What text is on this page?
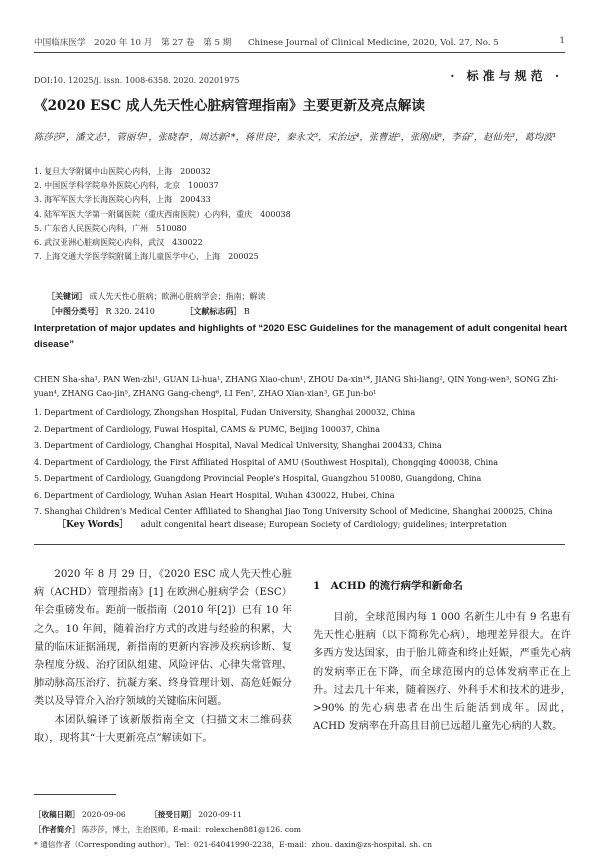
中国临床医学　2020 年 10 月　第 27 卷　第 5 期 Chinese Journal of Clinical Medicine, 2020, Vol. 27, No. 5	1
DOI:10. 12025/j. issn. 1008-6358. 2020. 20201975	· 标准与规范 ·
《2020 ESC 成人先天性心脏病管理指南》主要更新及亮点解读
陈莎莎¹，潘文志¹，管丽华¹，张晓春¹，周达新¹*，蒋世良²，秦永文³，宋治远⁴，张曹进⁵，张刚成⁶，李奋⁷，赵仙先³，葛均波¹
1. 复旦大学附属中山医院心内科，上海　200032
2. 中国医学科学院阜外医院心内科，北京　100037
3. 海军军医大学长海医院心内科，上海　200433
4. 陆军军医大学第一附属医院（重庆西南医院）心内科，重庆　400038
5. 广东省人民医院心内科，广州　510080
6. 武汉亚洲心脏病医院心内科，武汉　430022
7. 上海交通大学医学院附属上海儿童医学中心，上海　200025
［关键词］ 成人先天性心脏病；欧洲心脏病学会；指南；解读
［中图分类号］ R 320. 2410	［文献标志码］ B
Interpretation of major updates and highlights of “2020 ESC Guidelines for the management of adult congenital heart disease”
CHEN Sha-sha¹, PAN Wen-zhi¹, GUAN Li-hua¹, ZHANG Xiao-chun¹, ZHOU Da-xin¹*, JIANG Shi-liang², QIN Yong-wen³, SONG Zhi-yuan⁴, ZHANG Cao-jin⁵, ZHANG Gang-cheng⁶, LI Fen⁷, ZHAO Xian-xian³, GE Jun-bo¹
1. Department of Cardiology, Zhongshan Hospital, Fudan University, Shanghai 200032, China
2. Department of Cardiology, Fuwai Hospital, CAMS & PUMC, Beijing 100037, China
3. Department of Cardiology, Changhai Hospital, Naval Medical University, Shanghai 200433, China
4. Department of Cardiology, the First Affiliated Hospital of AMU (Southwest Hospital), Chongqing 400038, China
5. Department of Cardiology, Guangdong Provincial People's Hospital, Guangzhou 510080, Guangdong, China
6. Department of Cardiology, Wuhan Asian Heart Hospital, Wuhan 430022, Hubei, China
7. Shanghai Children's Medical Center Affiliated to Shanghai Jiao Tong University School of Medicine, Shanghai 200025, China
［Key Words］ adult congenital heart disease; European Society of Cardiology; guidelines; interpretation

2020 年 8 月 29 日，《2020 ESC 成人先天性心脏病（ACHD）管理指南》[1] 在欧洲心脏病学会（ESC）年会重磅发布。距前一版指南（2010 年[2]）已有 10 年之久。10 年间，随着治疗方式的改进与经验的积累，大量的临床证据涌现，新指南的更新内容涉及疾病诊断、复杂程度分级、治疗团队组建、风险评估、心律失常管理、肺动脉高压治疗、抗凝方案、终身管理计划、高危妊娠分类以及导管介入治疗领域的关键临床问题。

本团队编译了该新版指南全文（扫描文末二维码获取），现将其“十大更新亮点”解读如下。

1　ACHD 的流行病学和新命名

目前，全球范围内每 1 000 名新生儿中有 9 名患有先天性心脏病（以下简称先心病），地理差异很大。在许多西方发达国家，由于胎儿筛查和终止妊娠，严重先心病的发病率正在下降，而全球范围内的总体发病率正在上升。过去几十年来，随着医疗、外科手术和技术的进步，>90% 的先心病患者在出生后能活到成年。因此，ACHD 发病率在升高且目前已远超儿童先心病的人数。

［收稿日期］ 2020-09-06	［接受日期］ 2020-09-11
［作者简介］ 陈莎莎，博士，主治医师。E-mail：rolexchen881@126. com
* 通信作者（Corresponding author）。Tel：021-64041990-2238，E-mail：zhou. daxin@zs-hospital. sh. cn
